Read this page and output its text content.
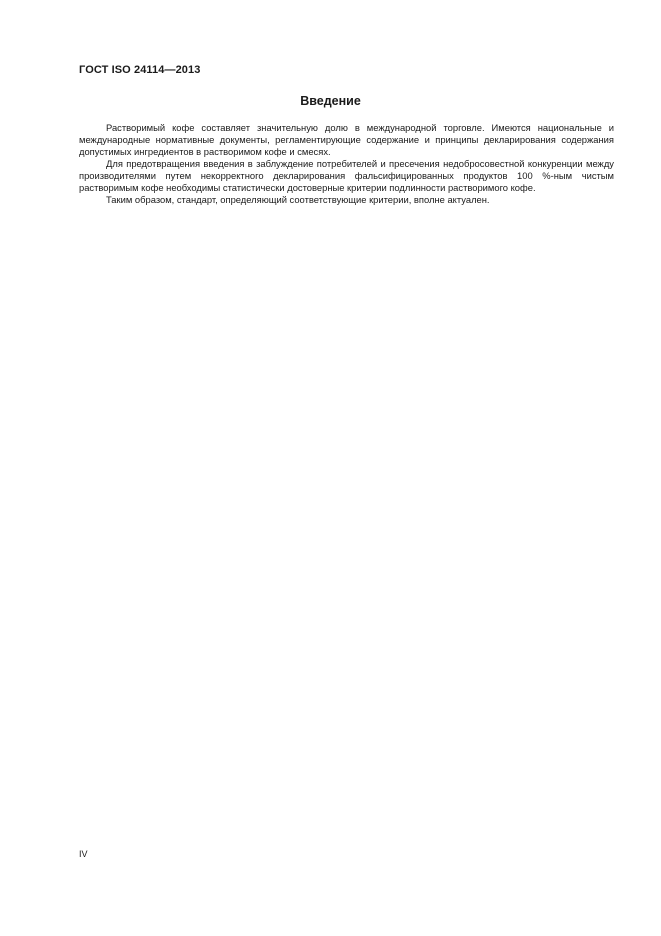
ГОСТ ISO 24114—2013
Введение

Растворимый кофе составляет значительную долю в международной торговле. Имеются национальные и международные нормативные документы, регламентирующие содержание и принципы декларирования содержания допустимых ингредиентов в растворимом кофе и смесях.

Для предотвращения введения в заблуждение потребителей и пресечения недобросовестной конкуренции между производителями путем некорректного декларирования фальсифицированных продуктов 100 %-ным чистым растворимым кофе необходимы статистически достоверные критерии подлинности растворимого кофе.

Таким образом, стандарт, определяющий соответствующие критерии, вполне актуален.

IV
